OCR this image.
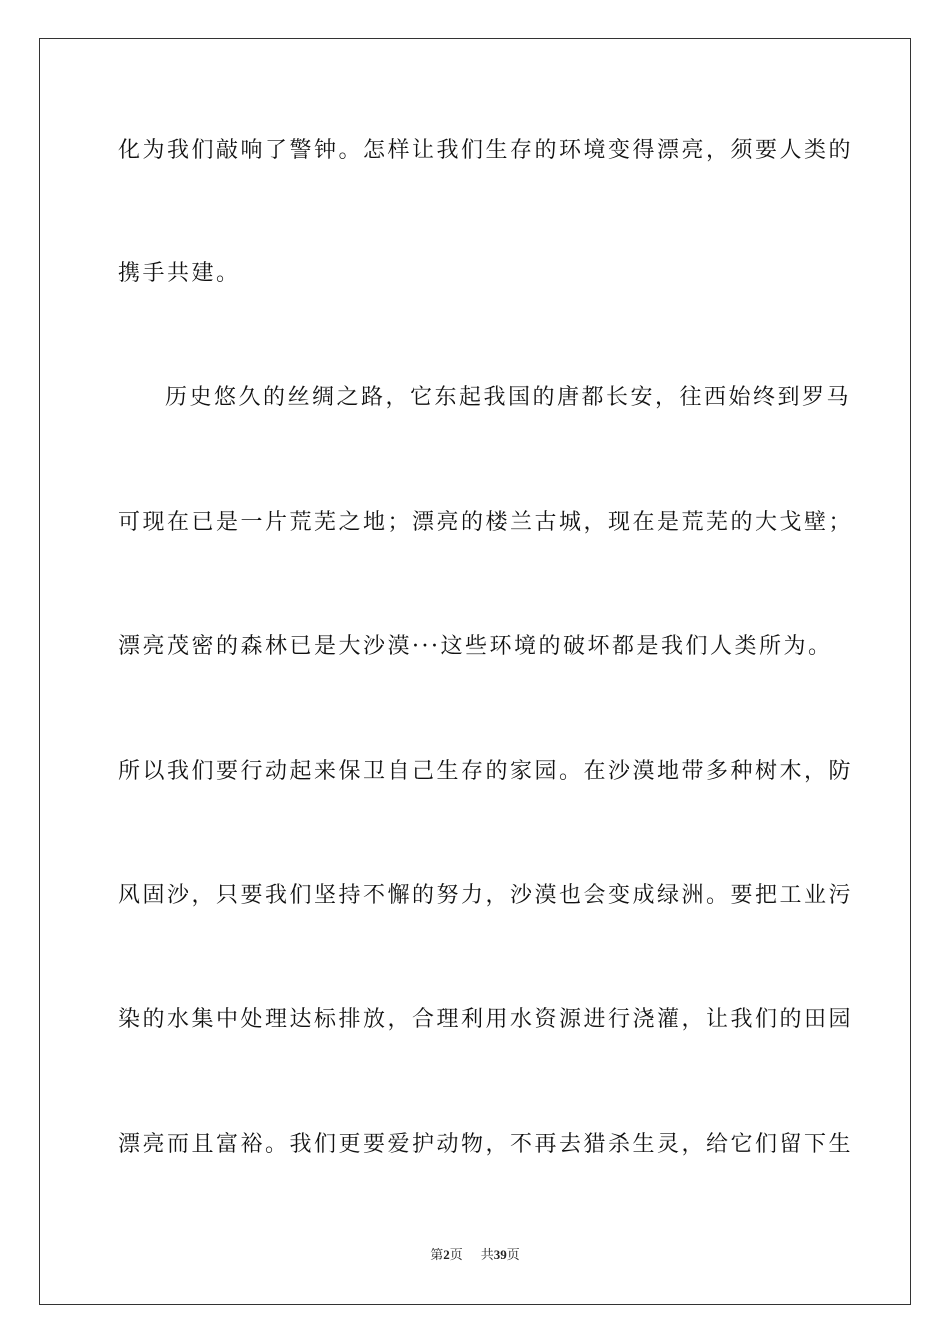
化为我们敲响了警钟。怎样让我们生存的环境变得漂亮，须要人类的
携手共建。
历史悠久的丝绸之路，它东起我国的唐都长安，往西始终到罗马
可现在已是一片荒芜之地；漂亮的楼兰古城，现在是荒芜的大戈壁；
漂亮茂密的森林已是大沙漠···这些环境的破坏都是我们人类所为。
所以我们要行动起来保卫自己生存的家园。在沙漠地带多种树木，防
风固沙，只要我们坚持不懈的努力，沙漠也会变成绿洲。要把工业污
染的水集中处理达标排放，合理利用水资源进行浇灌，让我们的田园
漂亮而且富裕。我们更要爱护动物，不再去猎杀生灵，给它们留下生
第2页 共39页
